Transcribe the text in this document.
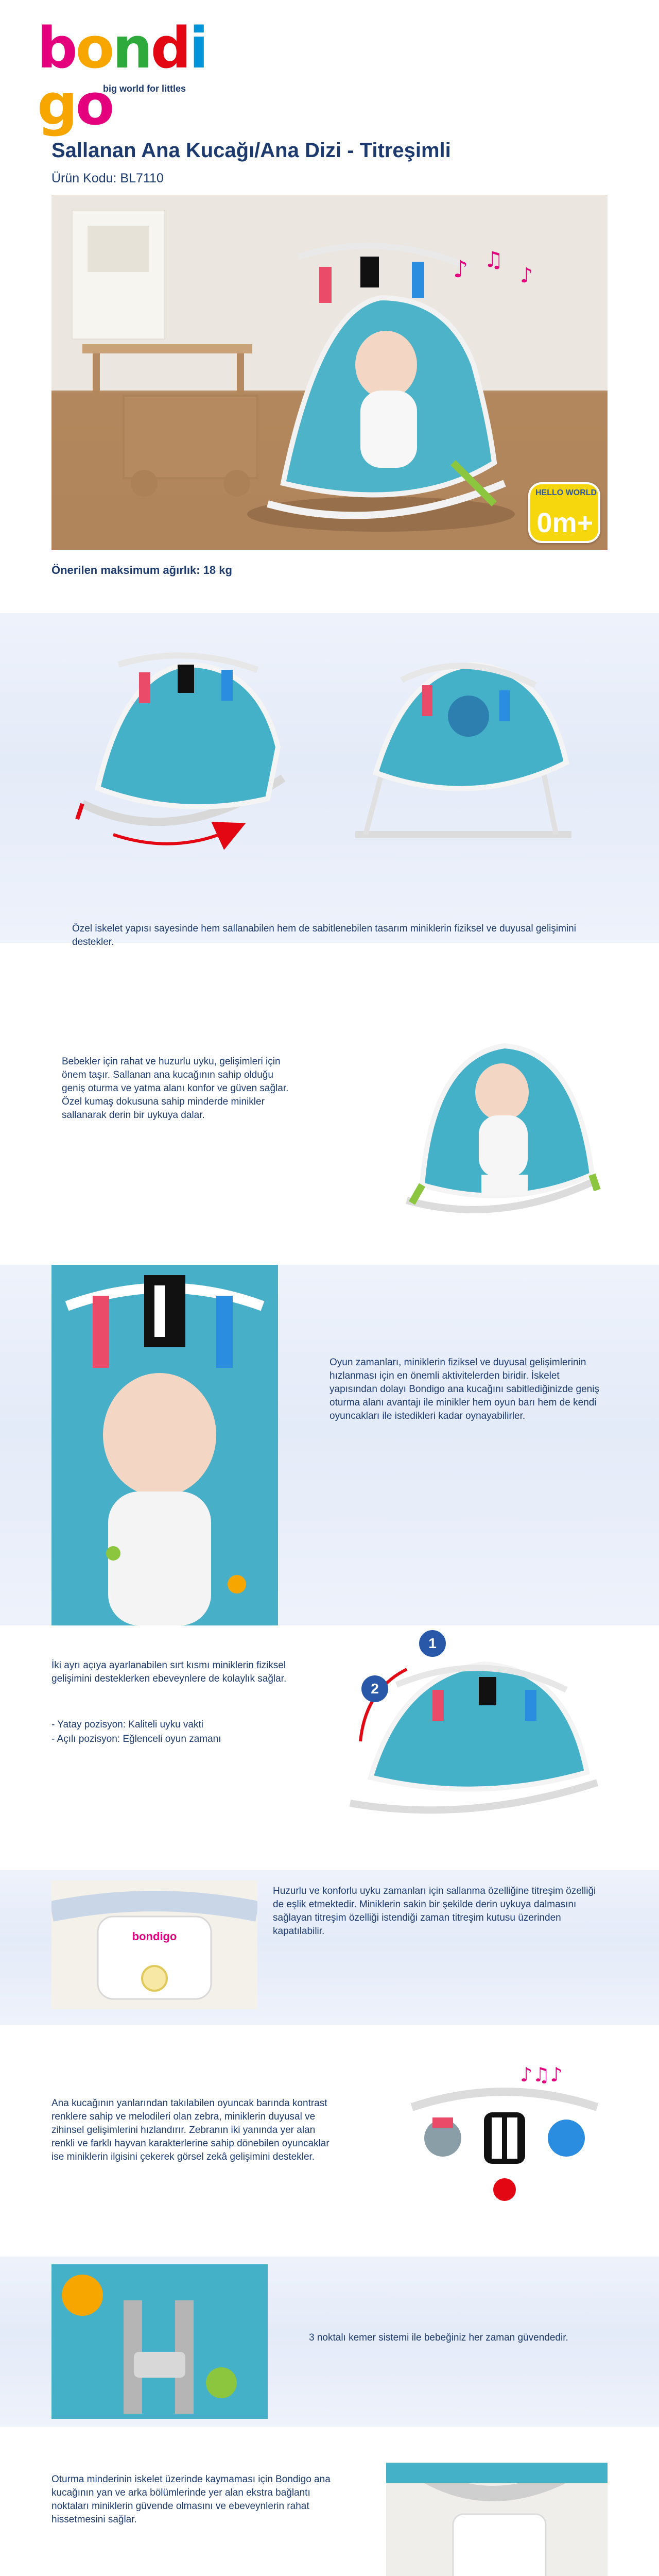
bondigo
big world for littles
Sallanan Ana Kucağı/Ana Dizi - Titreşimli
Ürün Kodu: BL7110
♪ ♫
♪
HELLO WORLD
0m+
Önerilen maksimum ağırlık: 18 kg
Özel iskelet yapısı sayesinde hem sallanabilen hem de sabitlenebilen tasarım miniklerin fiziksel ve duyusal gelişimini destekler.
Bebekler için rahat ve huzurlu uyku, gelişimleri için önem taşır. Sallanan ana kucağının sahip olduğu geniş oturma ve yatma alanı konfor ve güven sağlar. Özel kumaş dokusuna sahip minderde minikler sallanarak derin bir uykuya dalar.
Oyun zamanları, miniklerin fiziksel ve duyusal gelişimlerinin hızlanması için en önemli aktivitelerden biridir. İskelet yapısından dolayı Bondigo ana kucağını sabitlediğinizde geniş oturma alanı avantajı ile minikler hem oyun barı hem de kendi oyuncakları ile istedikleri kadar oynayabilirler.
İki ayrı açıya ayarlanabilen sırt kısmı miniklerin fiziksel gelişimini desteklerken ebeveynlere de kolaylık sağlar.
- Yatay pozisyon: Kaliteli uyku vakti
- Açılı pozisyon: Eğlenceli oyun zamanı
1
2
bondigo
Huzurlu ve konforlu uyku zamanları için sallanma özelliğine titreşim özelliği de eşlik etmektedir. Miniklerin sakin bir şekilde derin uykuya dalmasını sağlayan titreşim özelliği istendiği zaman titreşim kutusu üzerinden kapatılabilir.
Ana kucağının yanlarından takılabilen oyuncak barında kontrast renklere sahip ve melodileri olan zebra, miniklerin duyusal ve zihinsel gelişimlerini hızlandırır. Zebranın iki yanında yer alan renkli ve farklı hayvan karakterlerine sahip dönebilen oyuncaklar ise miniklerin ilgisini çekerek görsel zekâ gelişimini destekler.
♪♫♪
3 noktalı kemer sistemi ile bebeğiniz her zaman güvendedir.
Oturma minderinin iskelet üzerinde kaymaması için Bondigo ana kucağının yan ve arka bölümlerinde yer alan ekstra bağlantı noktaları miniklerin güvende olmasını ve ebeveynlerin rahat hissetmesini sağlar.
